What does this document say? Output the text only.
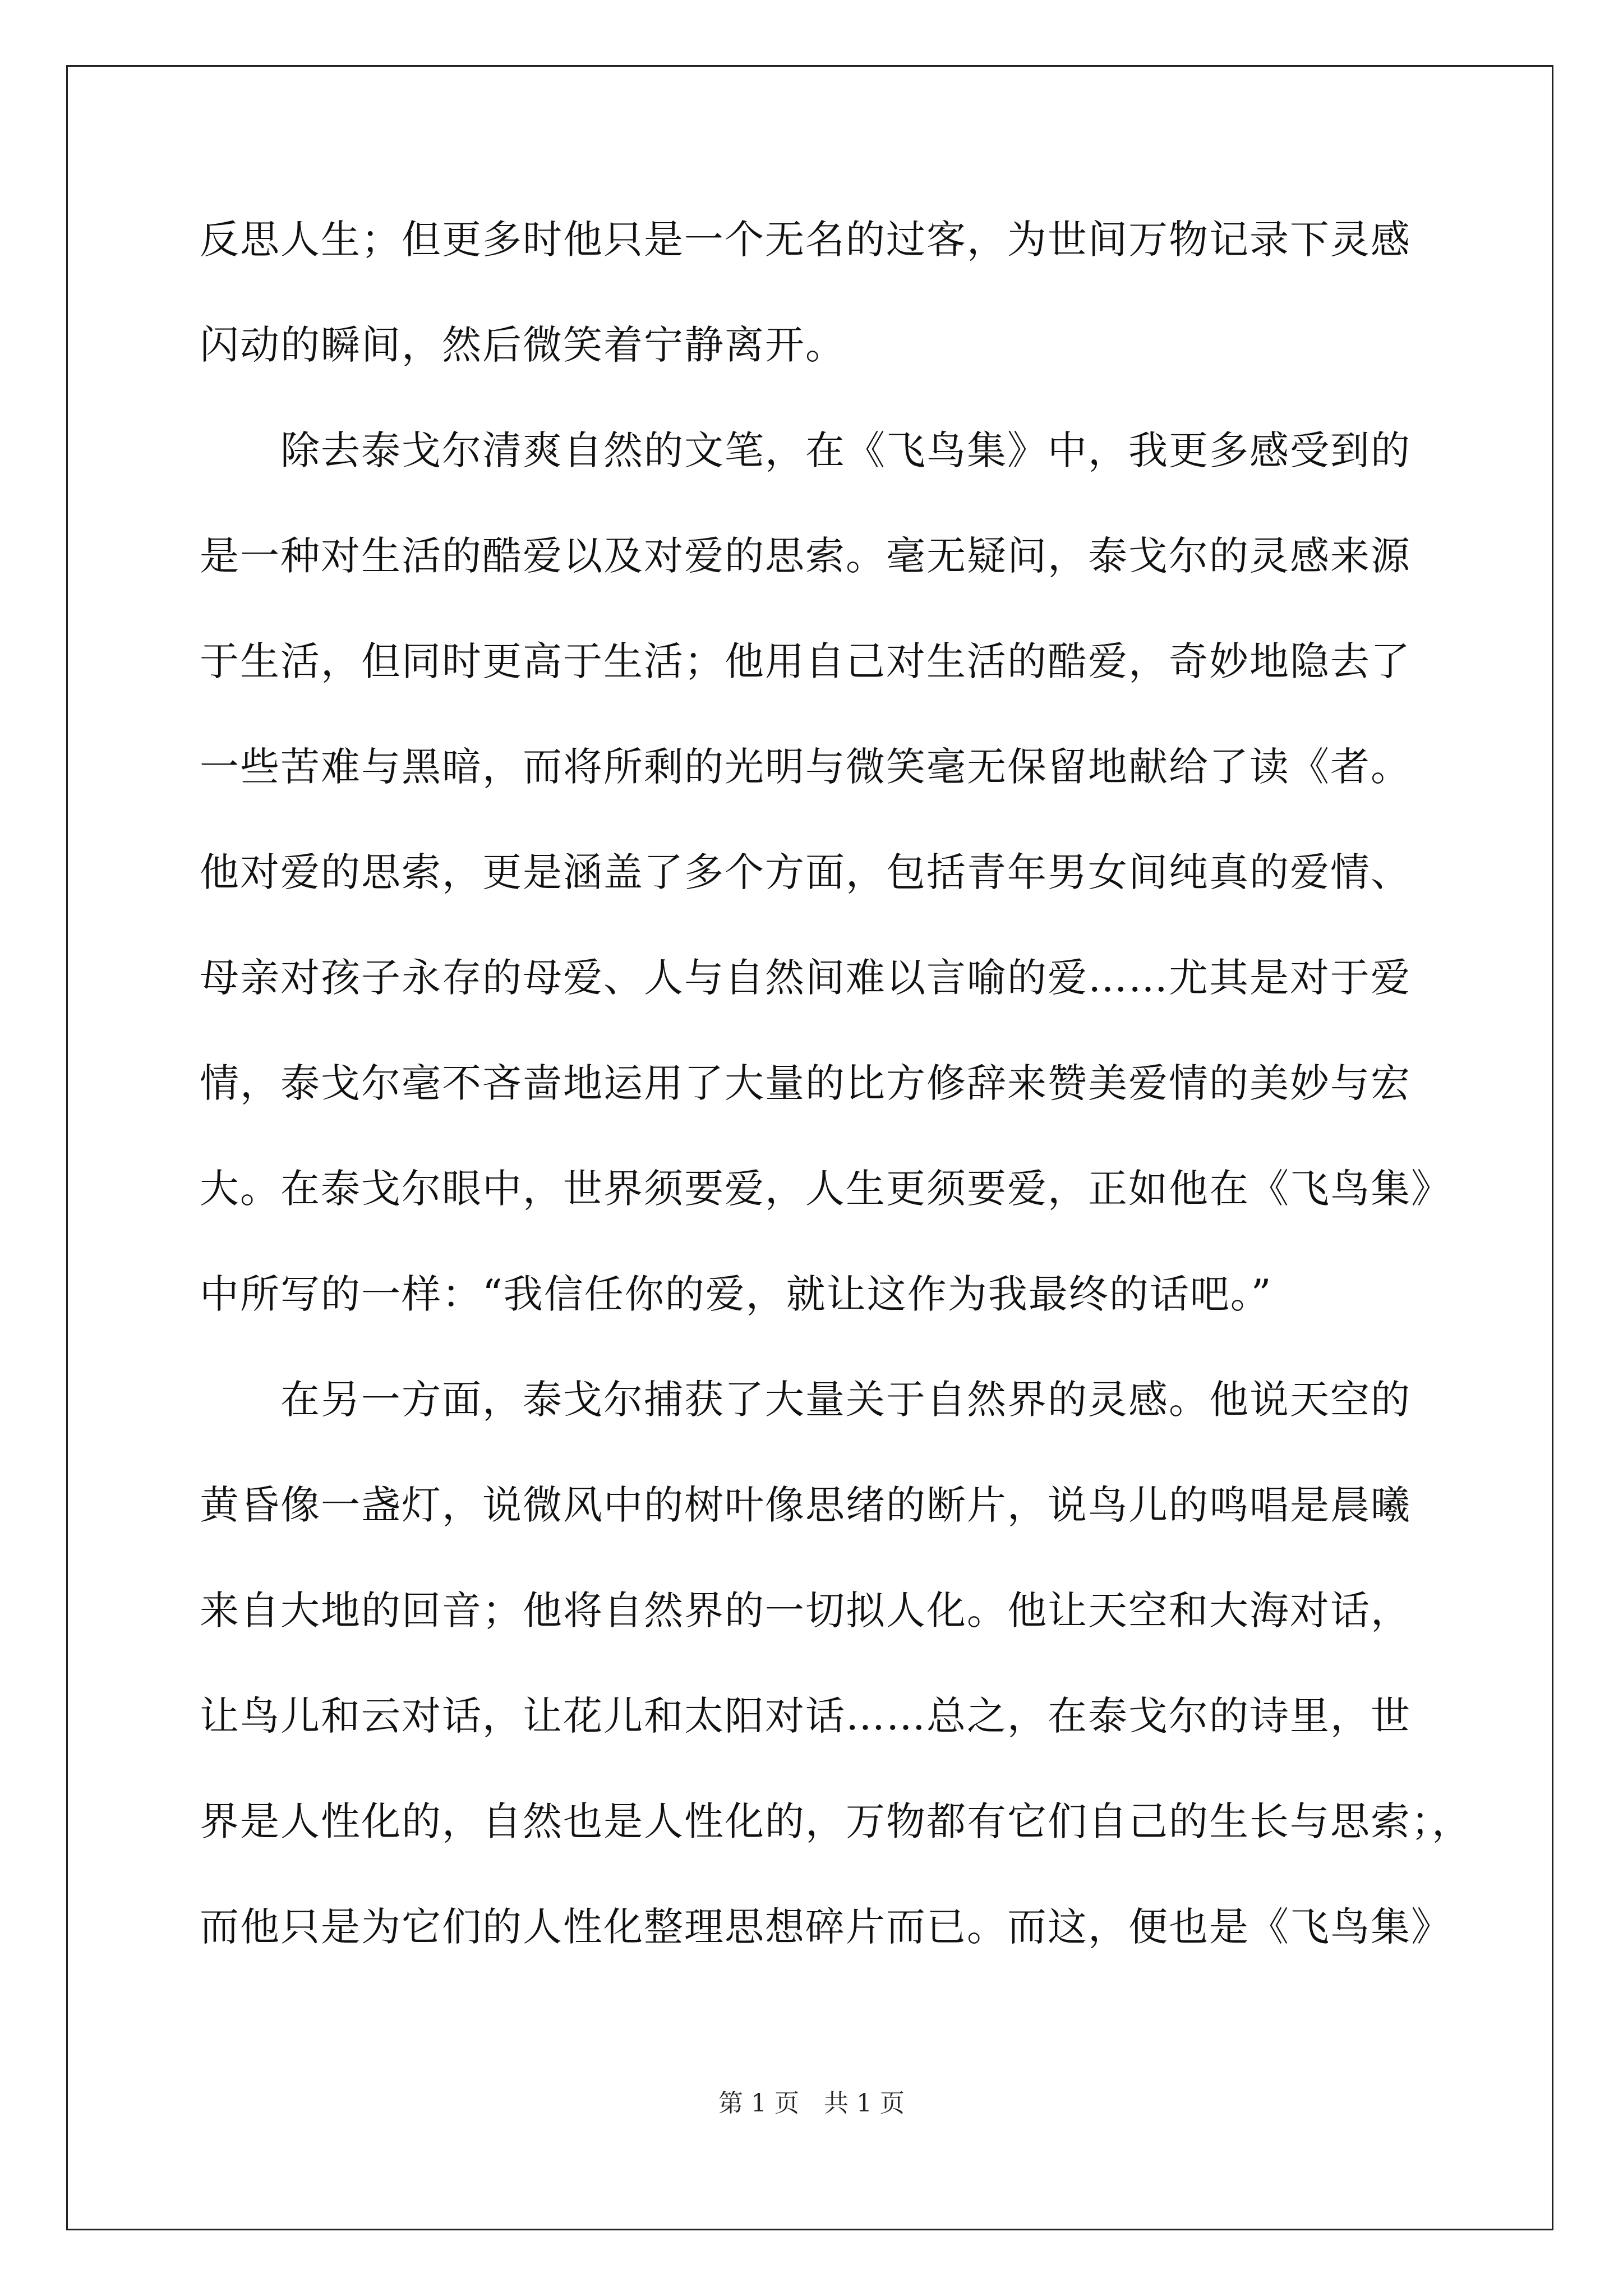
反思人生；但更多时他只是一个无名的过客，为世间万物记录下灵感
闪动的瞬间，然后微笑着宁静离开。
　　除去泰戈尔清爽自然的文笔，在《飞鸟集》中，我更多感受到的
是一种对生活的酷爱以及对爱的思索。毫无疑问，泰戈尔的灵感来源
于生活，但同时更高于生活；他用自己对生活的酷爱，奇妙地隐去了
一些苦难与黑暗，而将所剩的光明与微笑毫无保留地献给了读《者。
他对爱的思索，更是涵盖了多个方面，包括青年男女间纯真的爱情、
母亲对孩子永存的母爱、人与自然间难以言喻的爱……尤其是对于爱
情，泰戈尔毫不吝啬地运用了大量的比方修辞来赞美爱情的美妙与宏
大。在泰戈尔眼中，世界须要爱，人生更须要爱，正如他在《飞鸟集》
中所写的一样：“我信任你的爱，就让这作为我最终的话吧。”
　　在另一方面，泰戈尔捕获了大量关于自然界的灵感。他说天空的
黄昏像一盏灯，说微风中的树叶像思绪的断片，说鸟儿的鸣唱是晨曦
来自大地的回音；他将自然界的一切拟人化。他让天空和大海对话，
让鸟儿和云对话，让花儿和太阳对话……总之，在泰戈尔的诗里，世
界是人性化的，自然也是人性化的，万物都有它们自己的生长与思索；，
而他只是为它们的人性化整理思想碎片而已。而这，便也是《飞鸟集》
第 1 页　共 1 页
